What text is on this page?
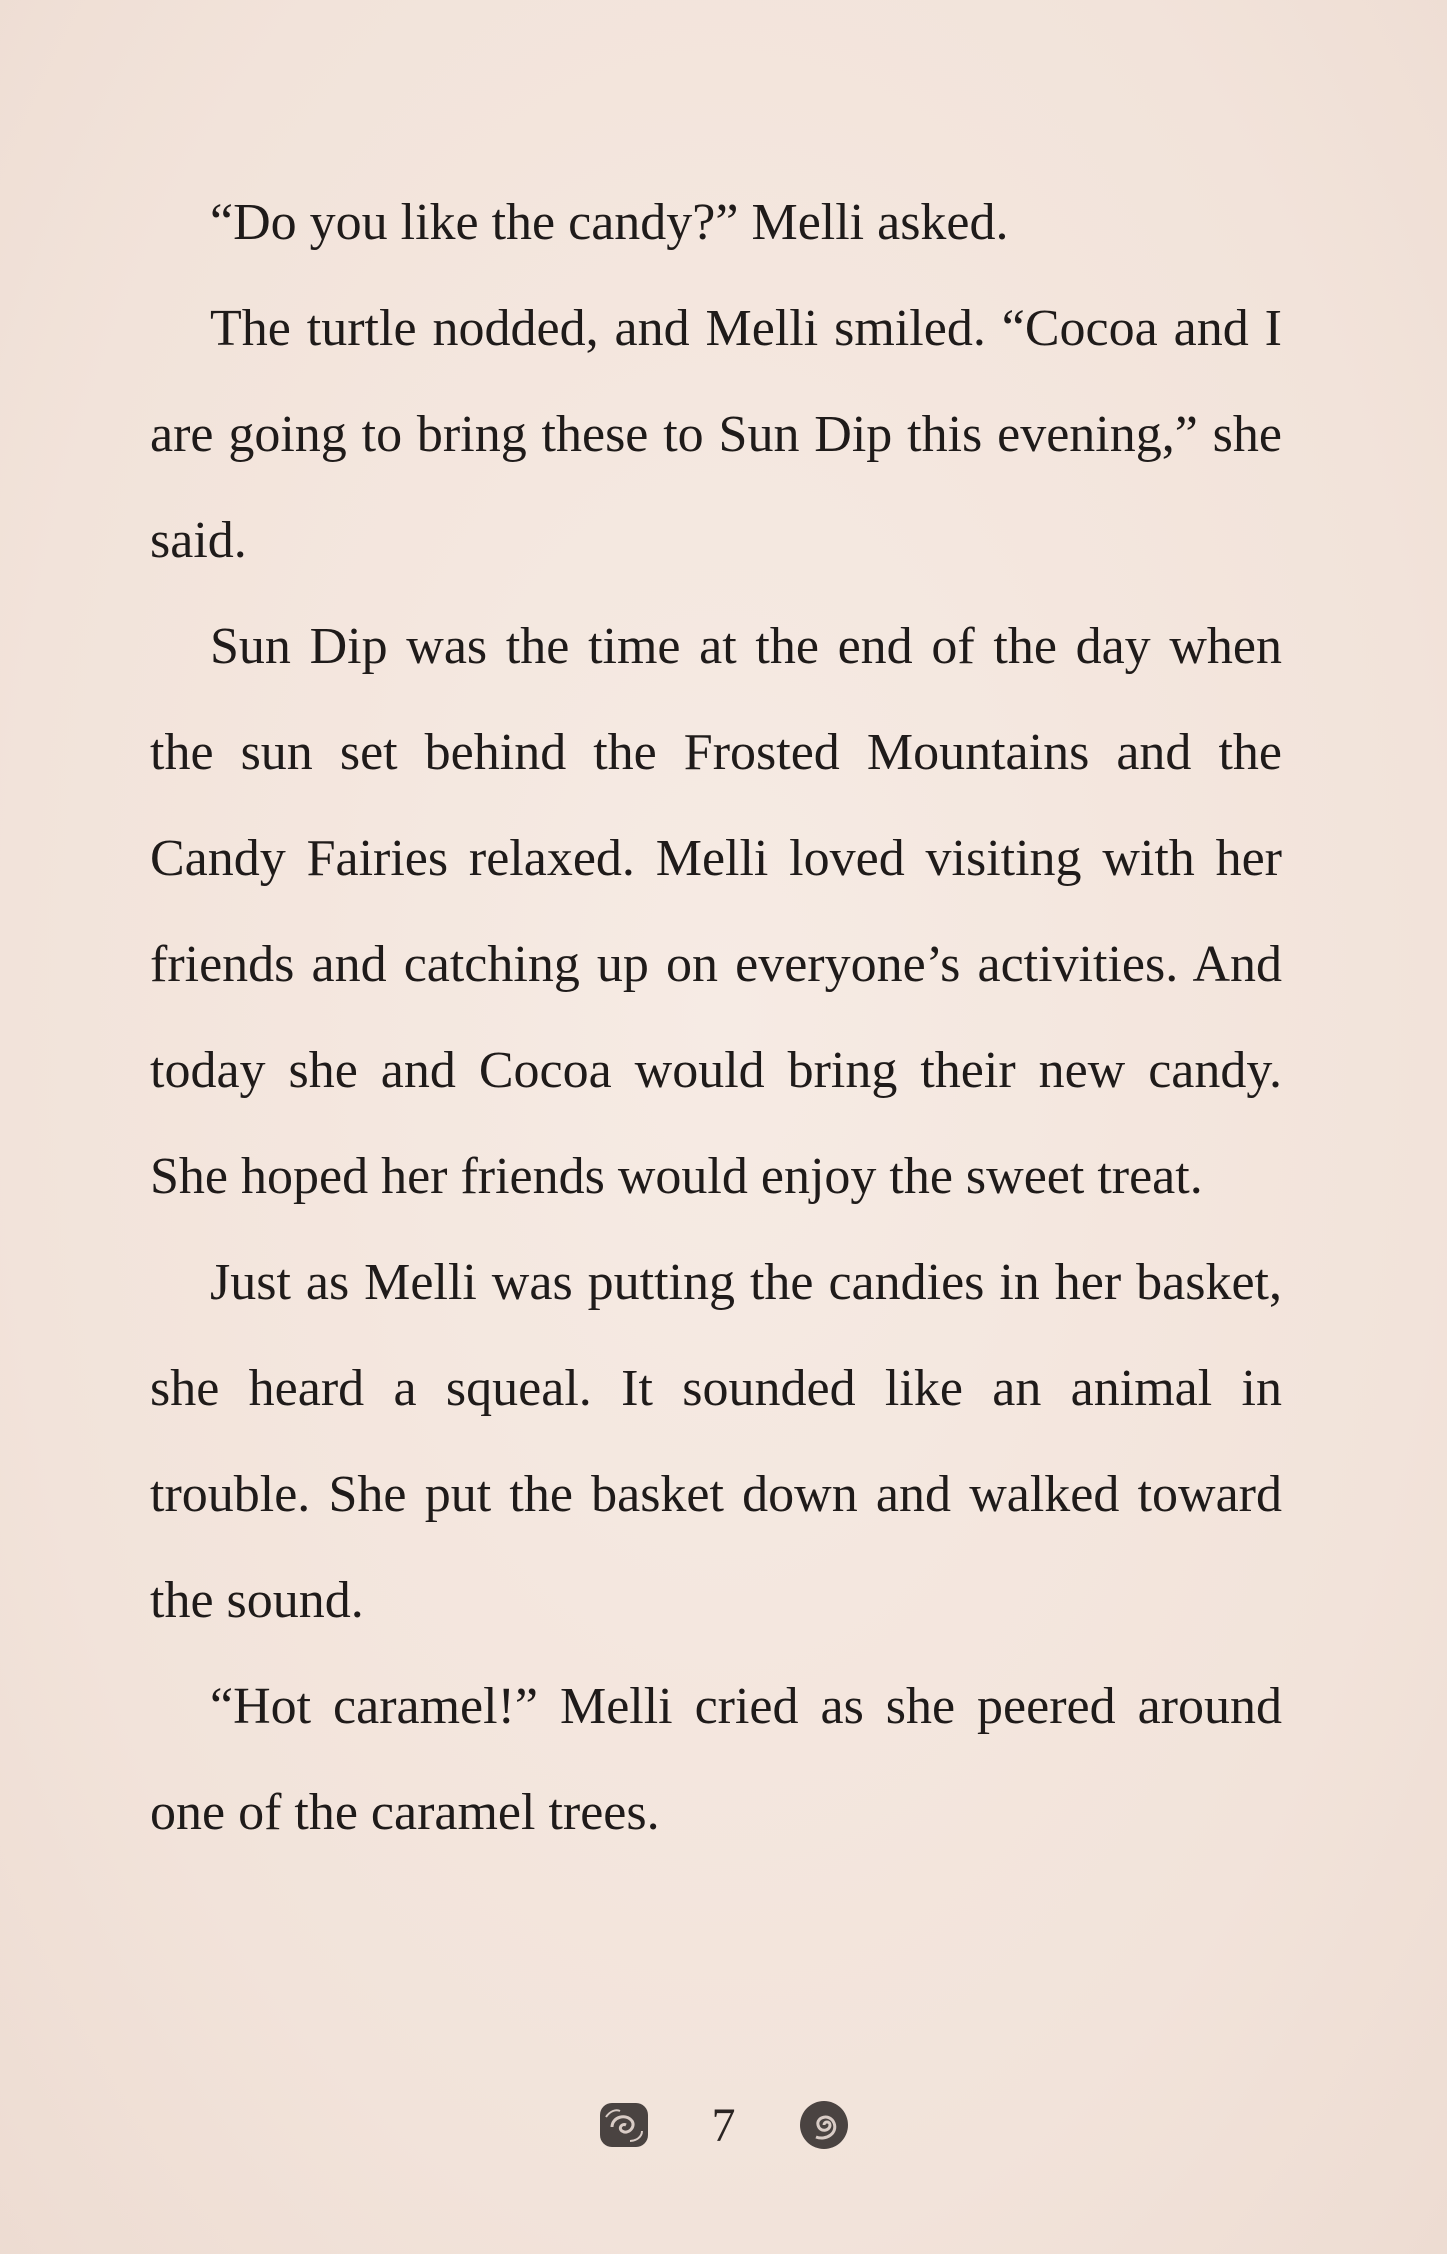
“Do you like the candy?” Melli asked.

The turtle nodded, and Melli smiled. “Cocoa and I are going to bring these to Sun Dip this evening,” she said.

Sun Dip was the time at the end of the day when the sun set behind the Frosted Mountains and the Candy Fairies relaxed. Melli loved visiting with her friends and catching up on everyone’s activities. And today she and Cocoa would bring their new candy. She hoped her friends would enjoy the sweet treat.

Just as Melli was putting the candies in her basket, she heard a squeal. It sounded like an animal in trouble. She put the basket down and walked toward the sound.

“Hot caramel!” Melli cried as she peered around one of the caramel trees.

7
